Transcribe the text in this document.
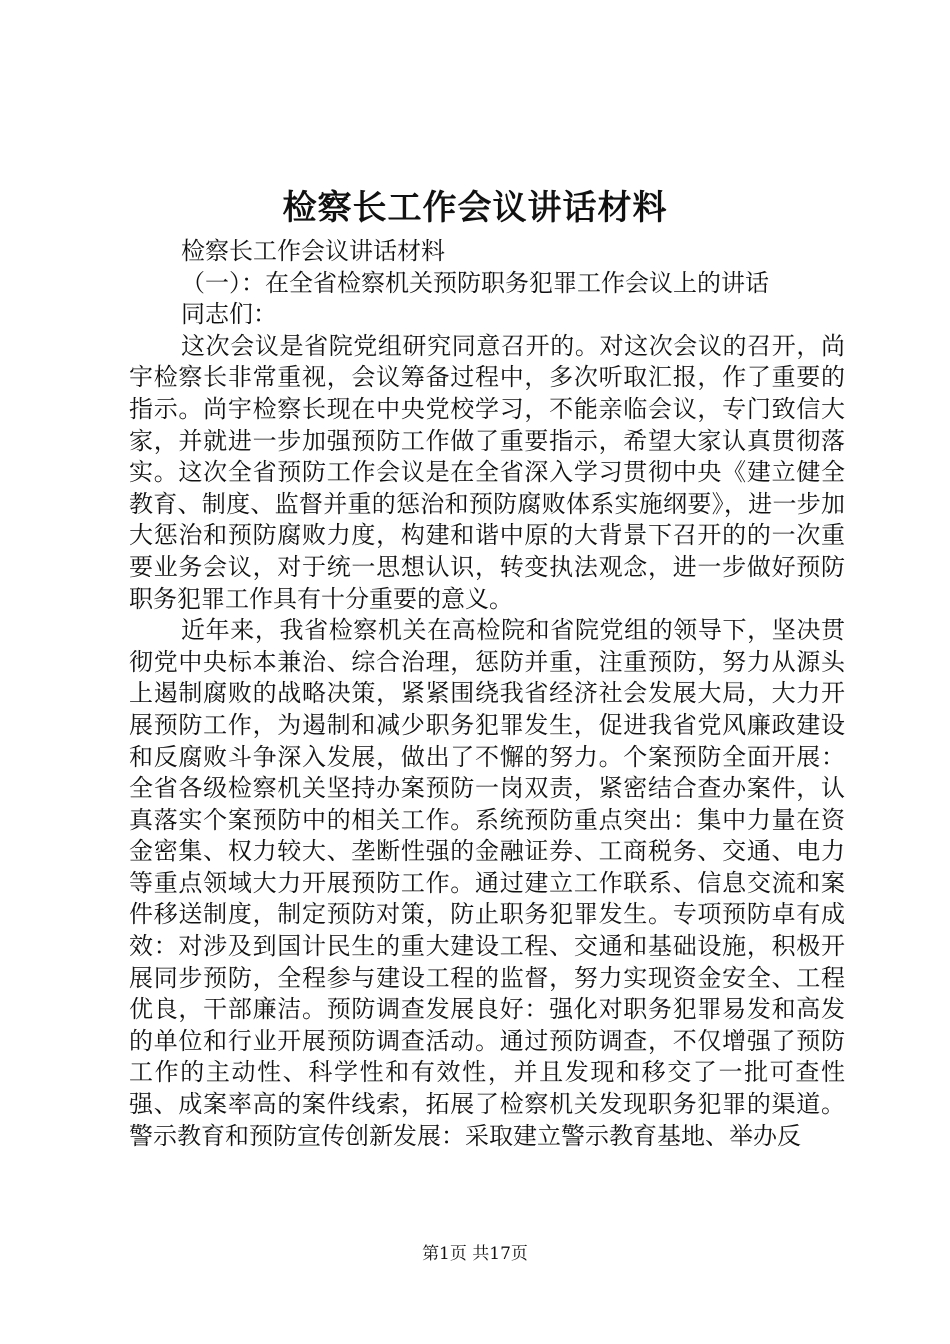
检察长工作会议讲话材料

检察长工作会议讲话材料

（一）：在全省检察机关预防职务犯罪工作会议上的讲话

同志们：

这次会议是省院党组研究同意召开的。对这次会议的召开，尚宇检察长非常重视，会议筹备过程中，多次听取汇报，作了重要的指示。尚宇检察长现在中央党校学习，不能亲临会议，专门致信大家，并就进一步加强预防工作做了重要指示，希望大家认真贯彻落实。这次全省预防工作会议是在全省深入学习贯彻中央《建立健全教育、制度、监督并重的惩治和预防腐败体系实施纲要》，进一步加大惩治和预防腐败力度，构建和谐中原的大背景下召开的的一次重要业务会议，对于统一思想认识，转变执法观念，进一步做好预防职务犯罪工作具有十分重要的意义。

近年来，我省检察机关在高检院和省院党组的领导下，坚决贯彻党中央标本兼治、综合治理，惩防并重，注重预防，努力从源头上遏制腐败的战略决策，紧紧围绕我省经济社会发展大局，大力开展预防工作，为遏制和减少职务犯罪发生，促进我省党风廉政建设和反腐败斗争深入发展，做出了不懈的努力。个案预防全面开展：全省各级检察机关坚持办案预防一岗双责，紧密结合查办案件，认真落实个案预防中的相关工作。系统预防重点突出：集中力量在资金密集、权力较大、垄断性强的金融证券、工商税务、交通、电力等重点领域大力开展预防工作。通过建立工作联系、信息交流和案件移送制度，制定预防对策，防止职务犯罪发生。专项预防卓有成效：对涉及到国计民生的重大建设工程、交通和基础设施，积极开展同步预防，全程参与建设工程的监督，努力实现资金安全、工程优良，干部廉洁。预防调查发展良好：强化对职务犯罪易发和高发的单位和行业开展预防调查活动。通过预防调查，不仅增强了预防工作的主动性、科学性和有效性，并且发现和移交了一批可查性强、成案率高的案件线索，拓展了检察机关发现职务犯罪的渠道。警示教育和预防宣传创新发展：采取建立警示教育基地、举办反

第1页 共17页
